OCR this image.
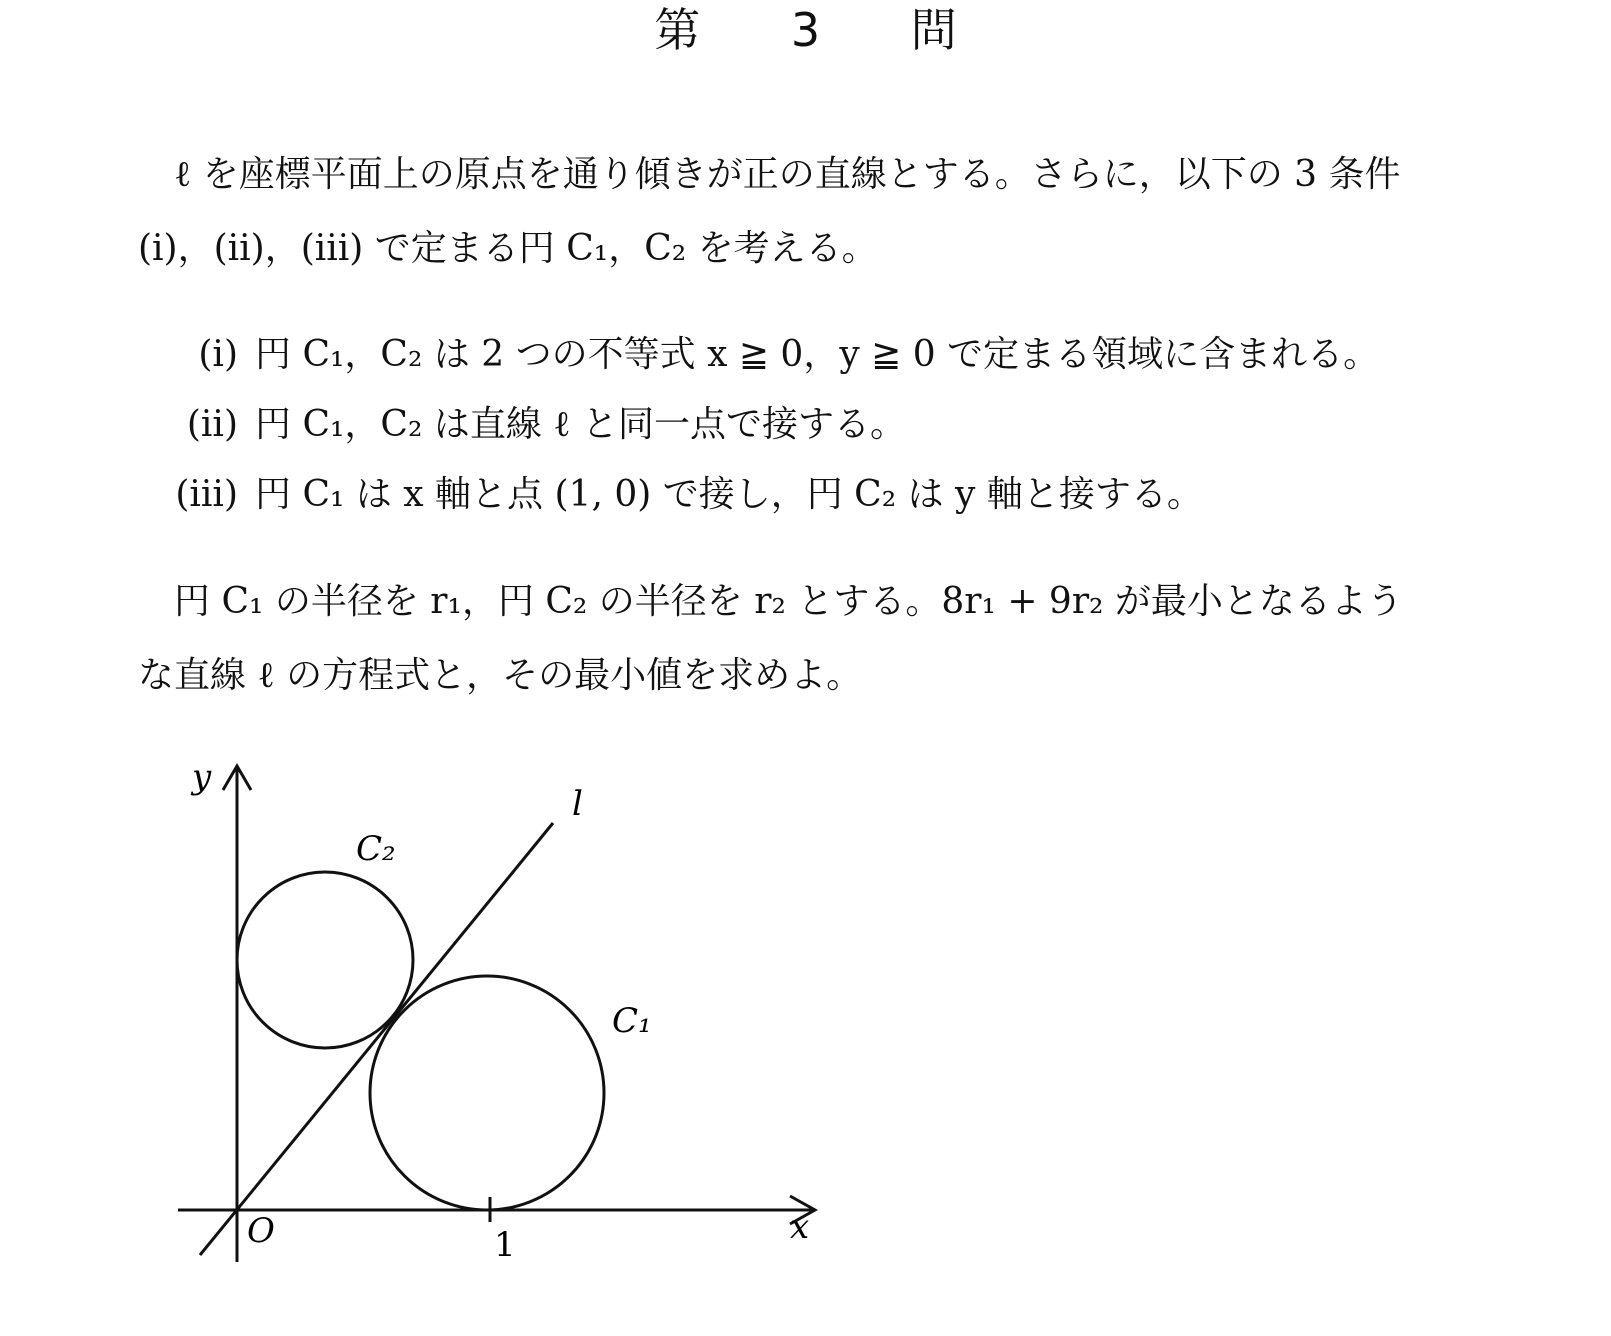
第 3 問
ℓ を座標平面上の原点を通り傾きが正の直線とする。さらに，以下の 3 条件
(i)，(ii)，(iii) で定まる円 C₁，C₂ を考える。
(i) 円 C₁，C₂ は 2 つの不等式 x ≧ 0，y ≧ 0 で定まる領域に含まれる。
(ii) 円 C₁，C₂ は直線 ℓ と同一点で接する。
(iii) 円 C₁ は x 軸と点 (1, 0) で接し，円 C₂ は y 軸と接する。
円 C₁ の半径を r₁，円 C₂ の半径を r₂ とする。8r₁ + 9r₂ が最小となるよう
な直線 ℓ の方程式と，その最小値を求めよ。
y
x
O	1
l
C₂
C₁
